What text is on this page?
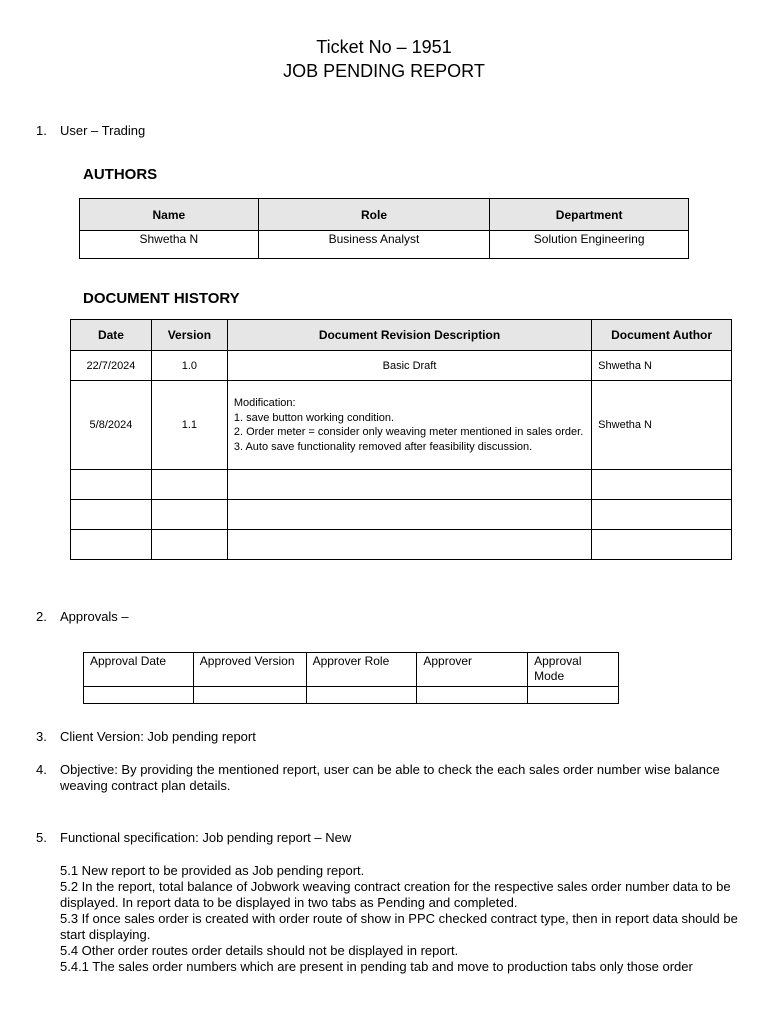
Ticket No – 1951
JOB PENDING REPORT
1. User – Trading
AUTHORS
Name	Role	Department
Shwetha N	Business Analyst	Solution Engineering
DOCUMENT HISTORY
Date	Version	Document Revision Description	Document Author
22/7/2024	1.0	Basic Draft	Shwetha N
5/8/2024	1.1	Modification:
1. save button working condition.
2. Order meter = consider only weaving meter mentioned in sales order.
3. Auto save functionality removed after feasibility discussion.	Shwetha N

2. Approvals –
Approval Date	Approved Version	Approver Role	Approver	Approval Mode

3. Client Version: Job pending report
4. Objective: By providing the mentioned report, user can be able to check the each sales order number wise balance weaving contract plan details.
5. Functional specification: Job pending report – New
5.1 New report to be provided as Job pending report.
5.2 In the report, total balance of Jobwork weaving contract creation for the respective sales order number data to be displayed. In report data to be displayed in two tabs as Pending and completed.
5.3 If once sales order is created with order route of show in PPC checked contract type, then in report data should be start displaying.
5.4 Other order routes order details should not be displayed in report.
5.4.1 The sales order numbers which are present in pending tab and move to production tabs only those order
